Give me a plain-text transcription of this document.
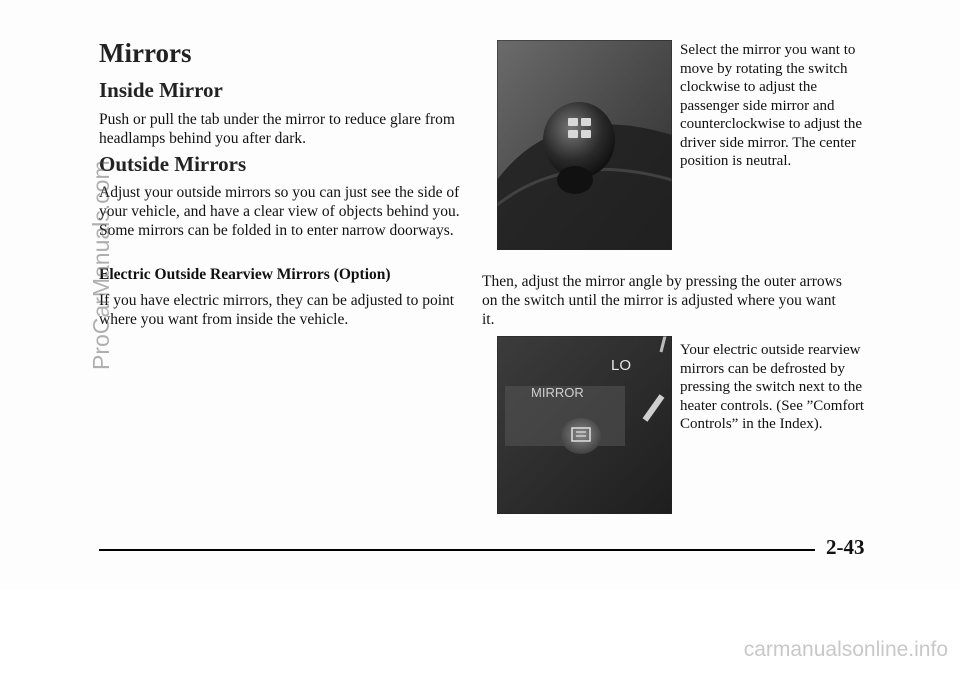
Mirrors
Inside Mirror

Push or pull the tab under the mirror to reduce glare from headlamps behind you after dark.

Outside Mirrors

Adjust your outside mirrors so you can just see the side of your vehicle, and have a clear view of objects behind you. Some mirrors can be folded in to enter narrow doorways.

Electric Outside Rearview Mirrors (Option)

If you have electric mirrors, they can be adjusted to point where you want from inside the vehicle.

Select the mirror you want to move by rotating the switch clockwise to adjust the passenger side mirror and counterclockwise to adjust the driver side mirror. The center position is neutral.

Then, adjust the mirror angle by pressing the outer arrows on the switch until the mirror is adjusted where you want it.

LO
MIRROR

Your electric outside rearview mirrors can be defrosted by pressing the switch next to the heater controls. (See ”Comfort Controls” in the Index).

2-43
ProCarManuals.com
carmanualsonline.info
